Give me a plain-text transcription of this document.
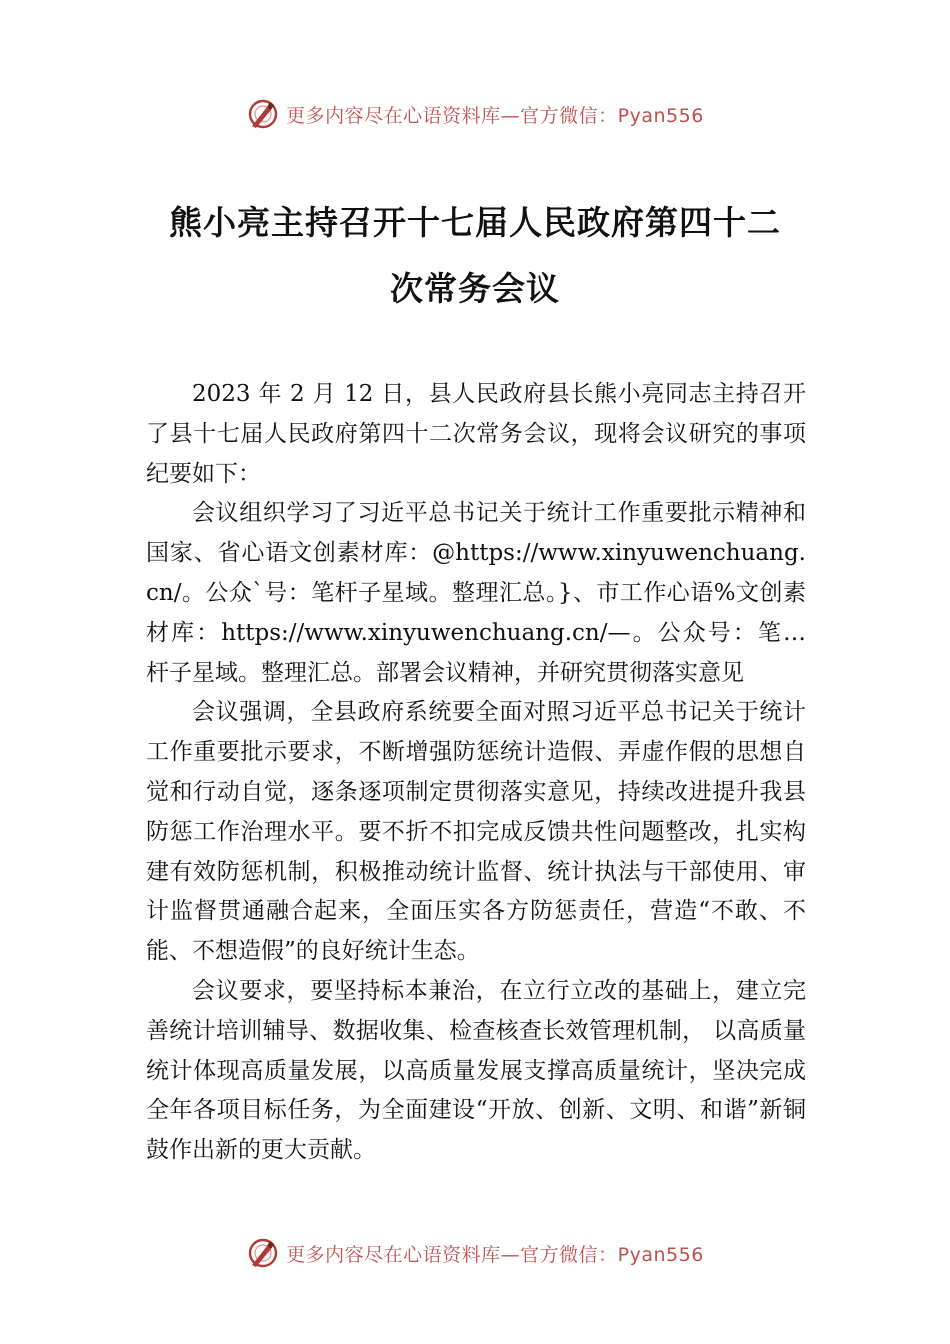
更多内容尽在心语资料库—官方微信：Pyan556
熊小亮主持召开十七届人民政府第四十二
次常务会议

2023 年 2 月 12 日，县人民政府县长熊小亮同志主持召开了县十七届人民政府第四十二次常务会议，现将会议研究的事项纪要如下：

会议组织学习了习近平总书记关于统计工作重要批示精神和国家、省心语文创素材库：@https://www.xinyuwenchuang.cn/。公众`号：笔杆子星域。整理汇总。}、市工作心语%文创素材库：https://www.xinyuwenchuang.cn/—。公众号：笔…杆子星域。整理汇总。部署会议精神，并研究贯彻落实意见

会议强调，全县政府系统要全面对照习近平总书记关于统计工作重要批示要求，不断增强防惩统计造假、弄虚作假的思想自觉和行动自觉，逐条逐项制定贯彻落实意见，持续改进提升我县防惩工作治理水平。要不折不扣完成反馈共性问题整改，扎实构建有效防惩机制，积极推动统计监督、统计执法与干部使用、审计监督贯通融合起来，全面压实各方防惩责任，营造“不敢、不能、不想造假”的良好统计生态。

会议要求，要坚持标本兼治，在立行立改的基础上，建立完善统计培训辅导、数据收集、检查核查长效管理机制， 以高质量统计体现高质量发展，以高质量发展支撑高质量统计，坚决完成全年各项目标任务，为全面建设“开放、创新、文明、和谐”新铜鼓作出新的更大贡献。

更多内容尽在心语资料库—官方微信：Pyan556
